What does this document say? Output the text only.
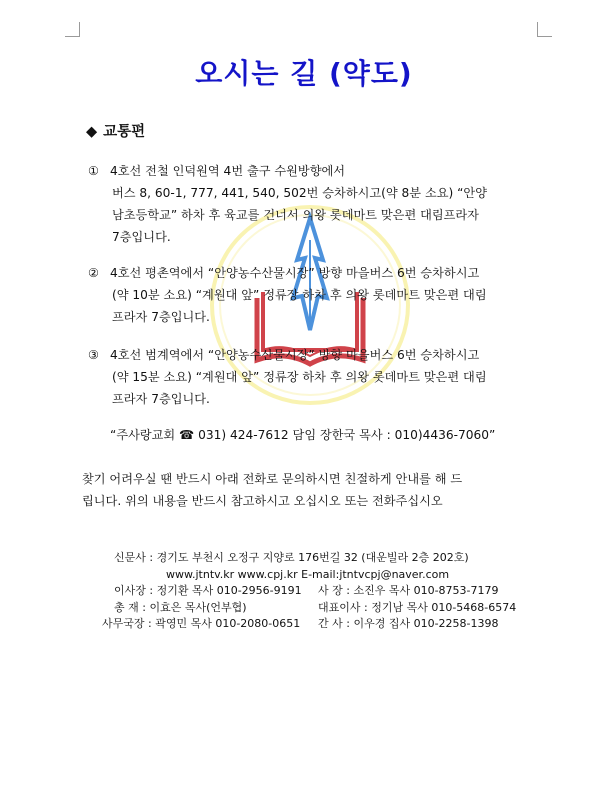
오시는 길 (약도)
◆ 교통편
① 4호선 전철 인덕원역 4번 출구 수원방향에서
버스 8, 60-1, 777, 441, 540, 502번 승차하시고(약 8분 소요) “안양
남초등학교” 하차 후 육교를 건너서 의왕 롯데마트 맞은편 대림프라자
7층입니다.
② 4호선 평촌역에서 “안양농수산물시장” 방향 마을버스 6번 승차하시고
(약 10분 소요) “계원대 앞” 정류장 하차 후 의왕 롯데마트 맞은편 대림
프라자 7층입니다.
③ 4호선 범계역에서 “안양농수산물시장” 방향 마을버스 6번 승차하시고
(약 15분 소요) “계원대 앞” 정류장 하차 후 의왕 롯데마트 맞은편 대림
프라자 7층입니다.
“주사랑교회 ☎ 031) 424-7612 담임 장한국 목사 : 010)4436-7060”
찾기 어려우실 땐 반드시 아래 전화로 문의하시면 친절하게 안내를 해 드
립니다. 위의 내용을 반드시 참고하시고 오십시오 또는 전화주십시오
신문사 : 경기도 부천시 오정구 지양로 176번길 32 (대운빌라 2층 202호)
www.jtntv.kr www.cpj.kr E-mail:jtntvcpj@naver.com
이사장 : 정기환 목사 010-2956-9191 사 장 : 소진우 목사 010-8753-7179
총 재 : 이효은 목사(언부협)	대표이사 : 정기남 목사 010-5468-6574
사무국장 : 곽영민 목사 010-2080-0651 간 사 : 이우경 집사 010-2258-1398
